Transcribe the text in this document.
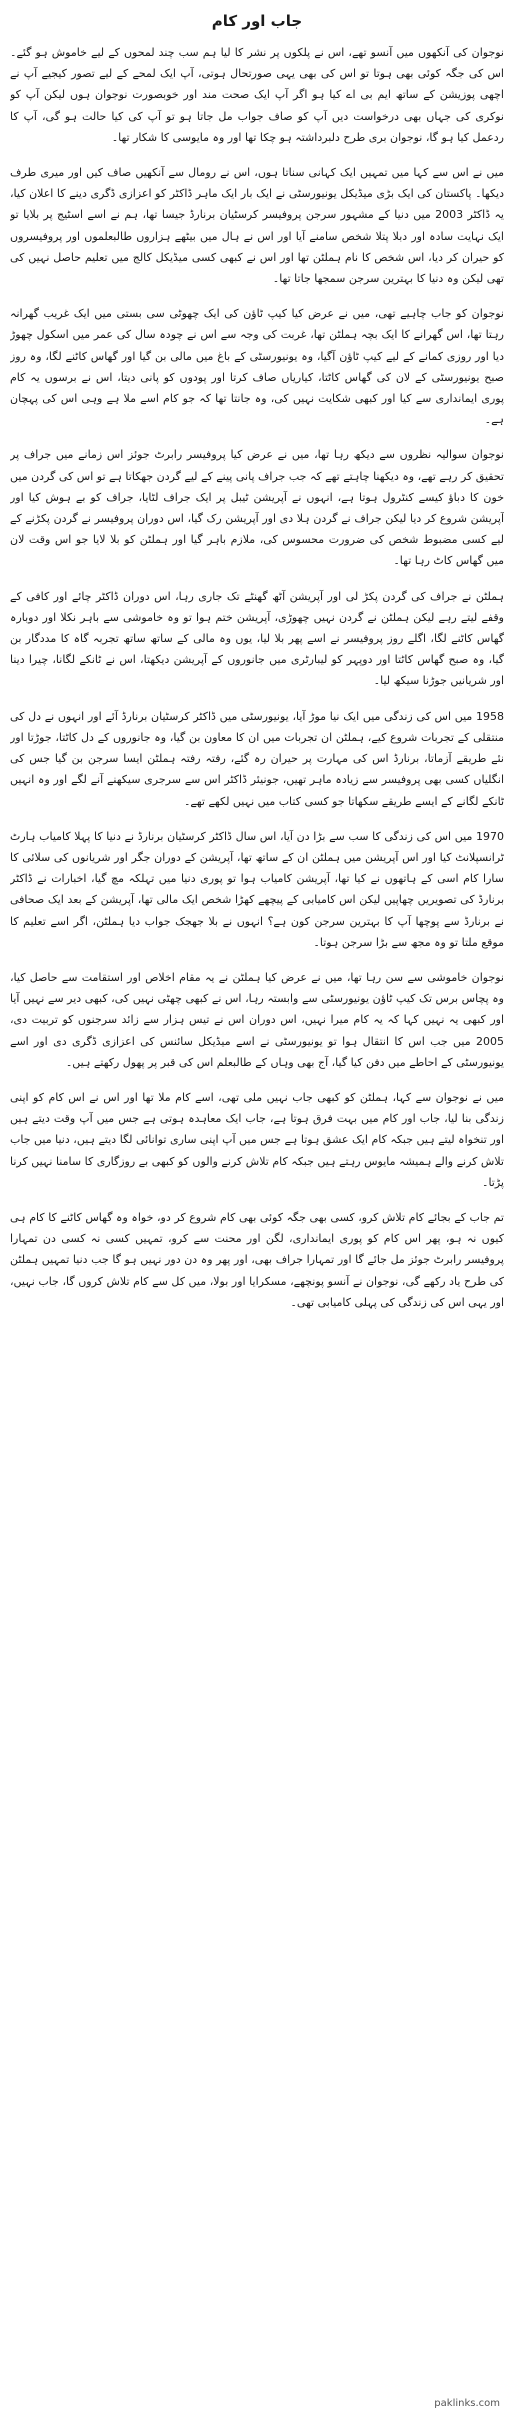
جاب اور کام

نوجوان کی آنکھوں میں آنسو تھے، اس نے پلکوں پر نشر کا لیا ہم سب چند لمحوں کے لیے خاموش ہو گئے۔ اس کی جگہ کوئی بھی ہوتا تو اس کی بھی یہی صورتحال ہوتی، آپ ایک لمحے کے لیے تصور کیجیے آپ نے اچھی پوزیشن کے ساتھ ایم بی اے کیا ہو اگر آپ ایک صحت مند اور خوبصورت نوجوان ہوں لیکن آپ کو نوکری کی جہاں بھی درخواست دیں آپ کو صاف جواب مل جاتا ہو تو آپ کی کیا حالت ہو گی، آپ کا ردعمل کیا ہو گا، نوجوان بری طرح دلبرداشتہ ہو چکا تھا اور وہ مایوسی کا شکار تھا۔

میں نے اس سے کہا میں تمہیں ایک کہانی سناتا ہوں، اس نے رومال سے آنکھیں صاف کیں اور میری طرف دیکھا۔ پاکستان کی ایک بڑی میڈیکل یونیورسٹی نے ایک بار ایک ماہر ڈاکٹر کو اعزازی ڈگری دینے کا اعلان کیا، یہ ڈاکٹر 2003 میں دنیا کے مشہور سرجن پروفیسر کرسٹیان برنارڈ جیسا تھا، ہم نے اسے اسٹیج پر بلایا تو ایک نہایت سادہ اور دبلا پتلا شخص سامنے آیا اور اس نے ہال میں بیٹھے ہزاروں طالبعلموں اور پروفیسروں کو حیران کر دیا، اس شخص کا نام ہملٹن تھا اور اس نے کبھی کسی میڈیکل کالج میں تعلیم حاصل نہیں کی تھی لیکن وہ دنیا کا بہترین سرجن سمجھا جاتا تھا۔

نوجوان کو جاب چاہیے تھی، میں نے عرض کیا کیپ ٹاؤن کی ایک چھوٹی سی بستی میں ایک غریب گھرانہ رہتا تھا، اس گھرانے کا ایک بچہ ہملٹن تھا، غربت کی وجہ سے اس نے چودہ سال کی عمر میں اسکول چھوڑ دیا اور روزی کمانے کے لیے کیپ ٹاؤن آگیا، وہ یونیورسٹی کے باغ میں مالی بن گیا اور گھاس کاٹنے لگا، وہ روز صبح یونیورسٹی کے لان کی گھاس کاٹتا، کیاریاں صاف کرتا اور پودوں کو پانی دیتا، اس نے برسوں یہ کام پوری ایمانداری سے کیا اور کبھی شکایت نہیں کی، وہ جانتا تھا کہ جو کام اسے ملا ہے وہی اس کی پہچان ہے۔

نوجوان سوالیہ نظروں سے دیکھ رہا تھا، میں نے عرض کیا پروفیسر رابرٹ جوئز اس زمانے میں جراف پر تحقیق کر رہے تھے، وہ دیکھنا چاہتے تھے کہ جب جراف پانی پینے کے لیے گردن جھکاتا ہے تو اس کی گردن میں خون کا دباؤ کیسے کنٹرول ہوتا ہے، انہوں نے آپریشن ٹیبل پر ایک جراف لٹایا، جراف کو بے ہوش کیا اور آپریشن شروع کر دیا لیکن جراف نے گردن ہلا دی اور آپریشن رک گیا، اس دوران پروفیسر نے گردن پکڑنے کے لیے کسی مضبوط شخص کی ضرورت محسوس کی، ملازم باہر گیا اور ہملٹن کو بلا لایا جو اس وقت لان میں گھاس کاٹ رہا تھا۔

ہملٹن نے جراف کی گردن پکڑ لی اور آپریشن آٹھ گھنٹے تک جاری رہا، اس دوران ڈاکٹر چائے اور کافی کے وقفے لیتے رہے لیکن ہملٹن نے گردن نہیں چھوڑی، آپریشن ختم ہوا تو وہ خاموشی سے باہر نکلا اور دوبارہ گھاس کاٹنے لگا، اگلے روز پروفیسر نے اسے پھر بلا لیا، یوں وہ مالی کے ساتھ ساتھ تجربہ گاہ کا مددگار بن گیا، وہ صبح گھاس کاٹتا اور دوپہر کو لیبارٹری میں جانوروں کے آپریشن دیکھتا، اس نے ٹانکے لگانا، چیرا دینا اور شریانیں جوڑنا سیکھ لیا۔

1958 میں اس کی زندگی میں ایک نیا موڑ آیا، یونیورسٹی میں ڈاکٹر کرسٹیان برنارڈ آئے اور انہوں نے دل کی منتقلی کے تجربات شروع کیے، ہملٹن ان تجربات میں ان کا معاون بن گیا، وہ جانوروں کے دل کاٹتا، جوڑتا اور نئے طریقے آزماتا، برنارڈ اس کی مہارت پر حیران رہ گئے، رفتہ رفتہ ہملٹن ایسا سرجن بن گیا جس کی انگلیاں کسی بھی پروفیسر سے زیادہ ماہر تھیں، جونیئر ڈاکٹر اس سے سرجری سیکھنے آنے لگے اور وہ انہیں ٹانکے لگانے کے ایسے طریقے سکھاتا جو کسی کتاب میں نہیں لکھے تھے۔

1970 میں اس کی زندگی کا سب سے بڑا دن آیا، اس سال ڈاکٹر کرسٹیان برنارڈ نے دنیا کا پہلا کامیاب ہارٹ ٹرانسپلانٹ کیا اور اس آپریشن میں ہملٹن ان کے ساتھ تھا، آپریشن کے دوران جگر اور شریانوں کی سلائی کا سارا کام اسی کے ہاتھوں نے کیا تھا، آپریشن کامیاب ہوا تو پوری دنیا میں تہلکہ مچ گیا، اخبارات نے ڈاکٹر برنارڈ کی تصویریں چھاپیں لیکن اس کامیابی کے پیچھے کھڑا شخص ایک مالی تھا، آپریشن کے بعد ایک صحافی نے برنارڈ سے پوچھا آپ کا بہترین سرجن کون ہے؟ انہوں نے بلا جھجک جواب دیا ہملٹن، اگر اسے تعلیم کا موقع ملتا تو وہ مجھ سے بڑا سرجن ہوتا۔

نوجوان خاموشی سے سن رہا تھا، میں نے عرض کیا ہملٹن نے یہ مقام اخلاص اور استقامت سے حاصل کیا، وہ پچاس برس تک کیپ ٹاؤن یونیورسٹی سے وابستہ رہا، اس نے کبھی چھٹی نہیں کی، کبھی دیر سے نہیں آیا اور کبھی یہ نہیں کہا کہ یہ کام میرا نہیں، اس دوران اس نے تیس ہزار سے زائد سرجنوں کو تربیت دی، 2005 میں جب اس کا انتقال ہوا تو یونیورسٹی نے اسے میڈیکل سائنس کی اعزازی ڈگری دی اور اسے یونیورسٹی کے احاطے میں دفن کیا گیا، آج بھی وہاں کے طالبعلم اس کی قبر پر پھول رکھتے ہیں۔

میں نے نوجوان سے کہا، ہملٹن کو کبھی جاب نہیں ملی تھی، اسے کام ملا تھا اور اس نے اس کام کو اپنی زندگی بنا لیا، جاب اور کام میں بہت فرق ہوتا ہے، جاب ایک معاہدہ ہوتی ہے جس میں آپ وقت دیتے ہیں اور تنخواہ لیتے ہیں جبکہ کام ایک عشق ہوتا ہے جس میں آپ اپنی ساری توانائی لگا دیتے ہیں، دنیا میں جاب تلاش کرنے والے ہمیشہ مایوس رہتے ہیں جبکہ کام تلاش کرنے والوں کو کبھی بے روزگاری کا سامنا نہیں کرنا پڑتا۔

تم جاب کے بجائے کام تلاش کرو، کسی بھی جگہ کوئی بھی کام شروع کر دو، خواہ وہ گھاس کاٹنے کا کام ہی کیوں نہ ہو، پھر اس کام کو پوری ایمانداری، لگن اور محنت سے کرو، تمہیں کسی نہ کسی دن تمہارا پروفیسر رابرٹ جوئز مل جائے گا اور تمہارا جراف بھی، اور پھر وہ دن دور نہیں ہو گا جب دنیا تمہیں ہملٹن کی طرح یاد رکھے گی، نوجوان نے آنسو پونچھے، مسکرایا اور بولا، میں کل سے کام تلاش کروں گا، جاب نہیں، اور یہی اس کی زندگی کی پہلی کامیابی تھی۔

paklinks.com
